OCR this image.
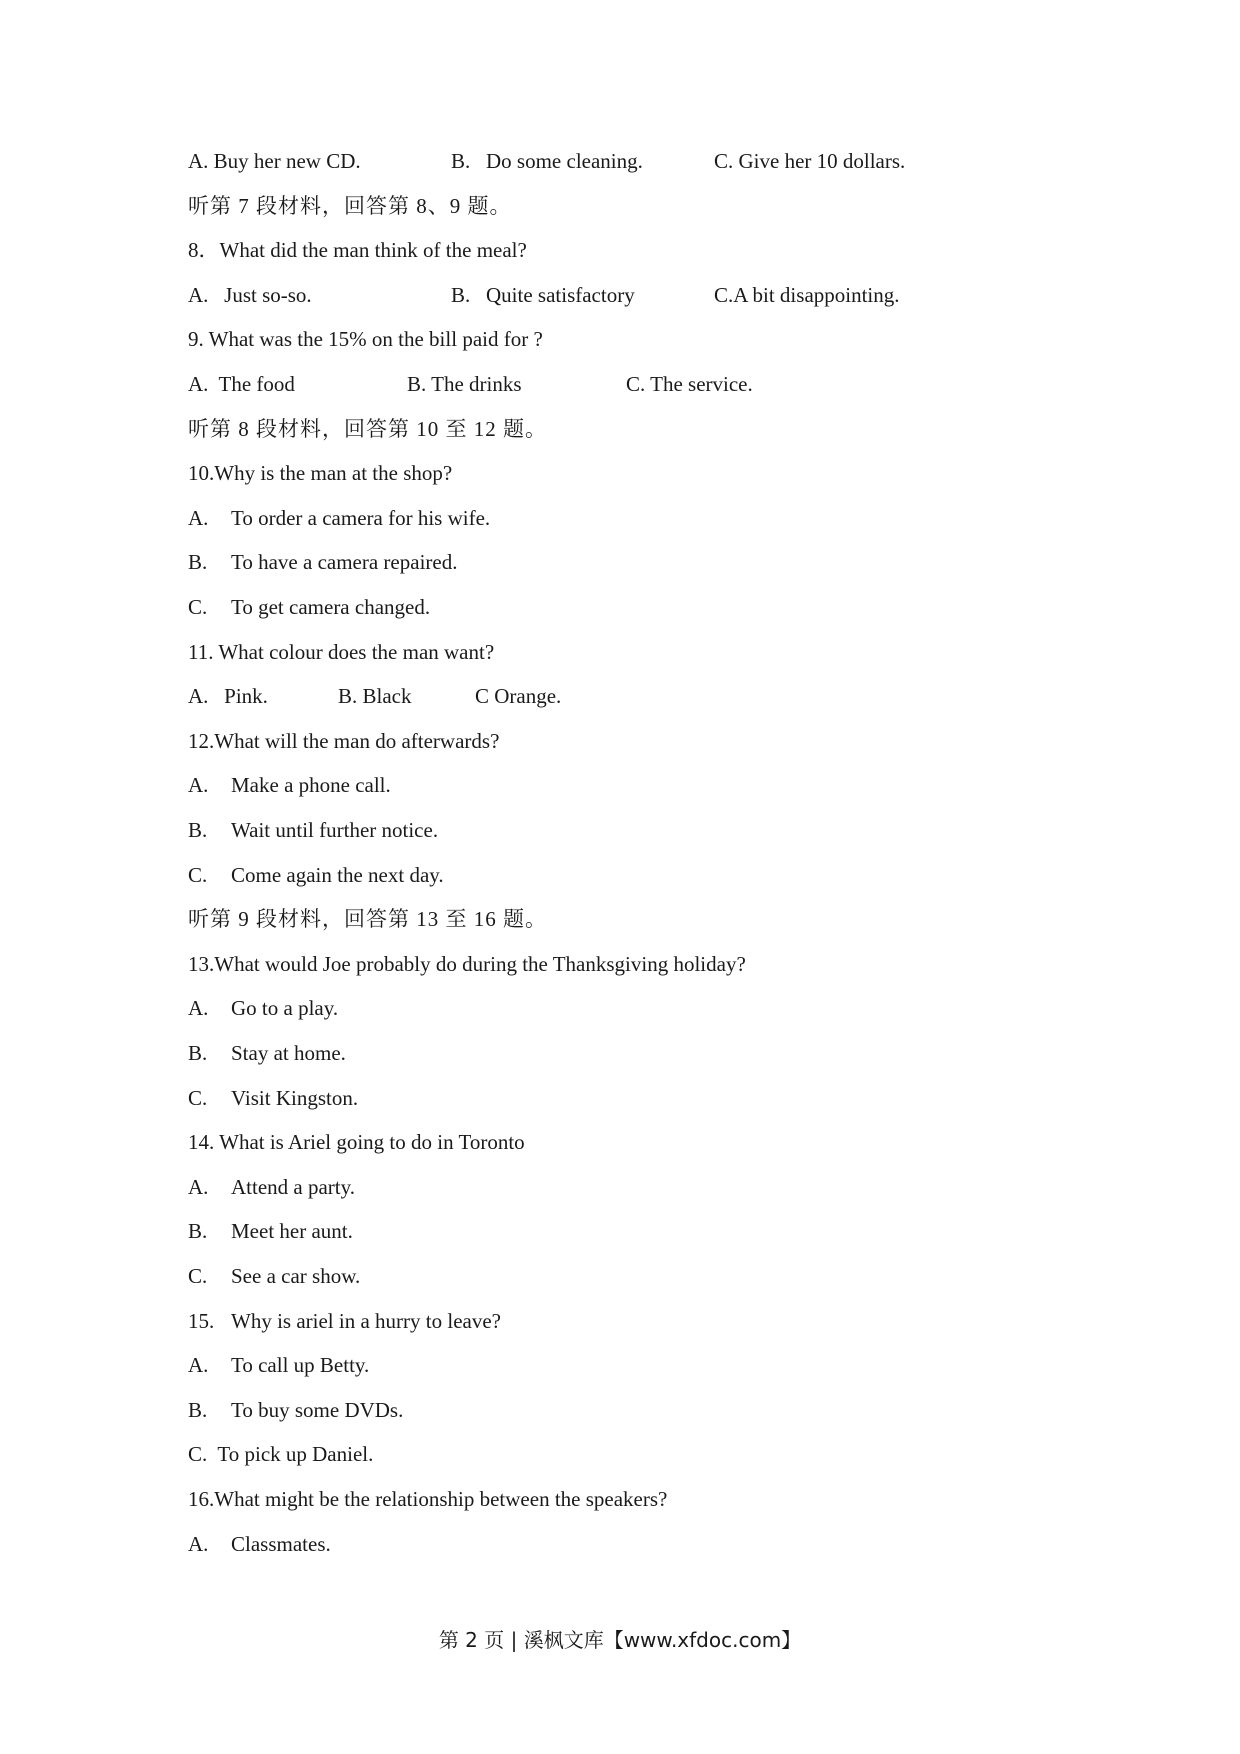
A. Buy her new CD.	B.   Do some cleaning.	C. Give her 10 dollars.
听第 7 段材料，回答第 8、9 题。
8．What did the man think of the meal?
A.   Just so-so.	B.   Quite satisfactory	C.A bit disappointing.
9. What was the 15% on the bill paid for ?
A.  The food	B. The drinks	C. The service.
听第 8 段材料，回答第 10 至 12 题。
10.Why is the man at the shop?
A. To order a camera for his wife.
B. To have a camera repaired.
C. To get camera changed.
11. What colour does the man want?
A.   Pink.	B. Black	C Orange.
12.What will the man do afterwards?
A. Make a phone call.
B. Wait until further notice.
C. Come again the next day.
听第 9 段材料，回答第 13 至 16 题。
13.What would Joe probably do during the Thanksgiving holiday?
A. Go to a play.
B. Stay at home.
C. Visit Kingston.
14. What is Ariel going to do in Toronto
A. Attend a party.
B. Meet her aunt.
C. See a car show.
15. Why is ariel in a hurry to leave?
A. To call up Betty.
B. To buy some DVDs.
C.  To pick up Daniel.
16.What might be the relationship between the speakers?
A. Classmates.
第 2 页 | 溪枫文库【www.xfdoc.com】
